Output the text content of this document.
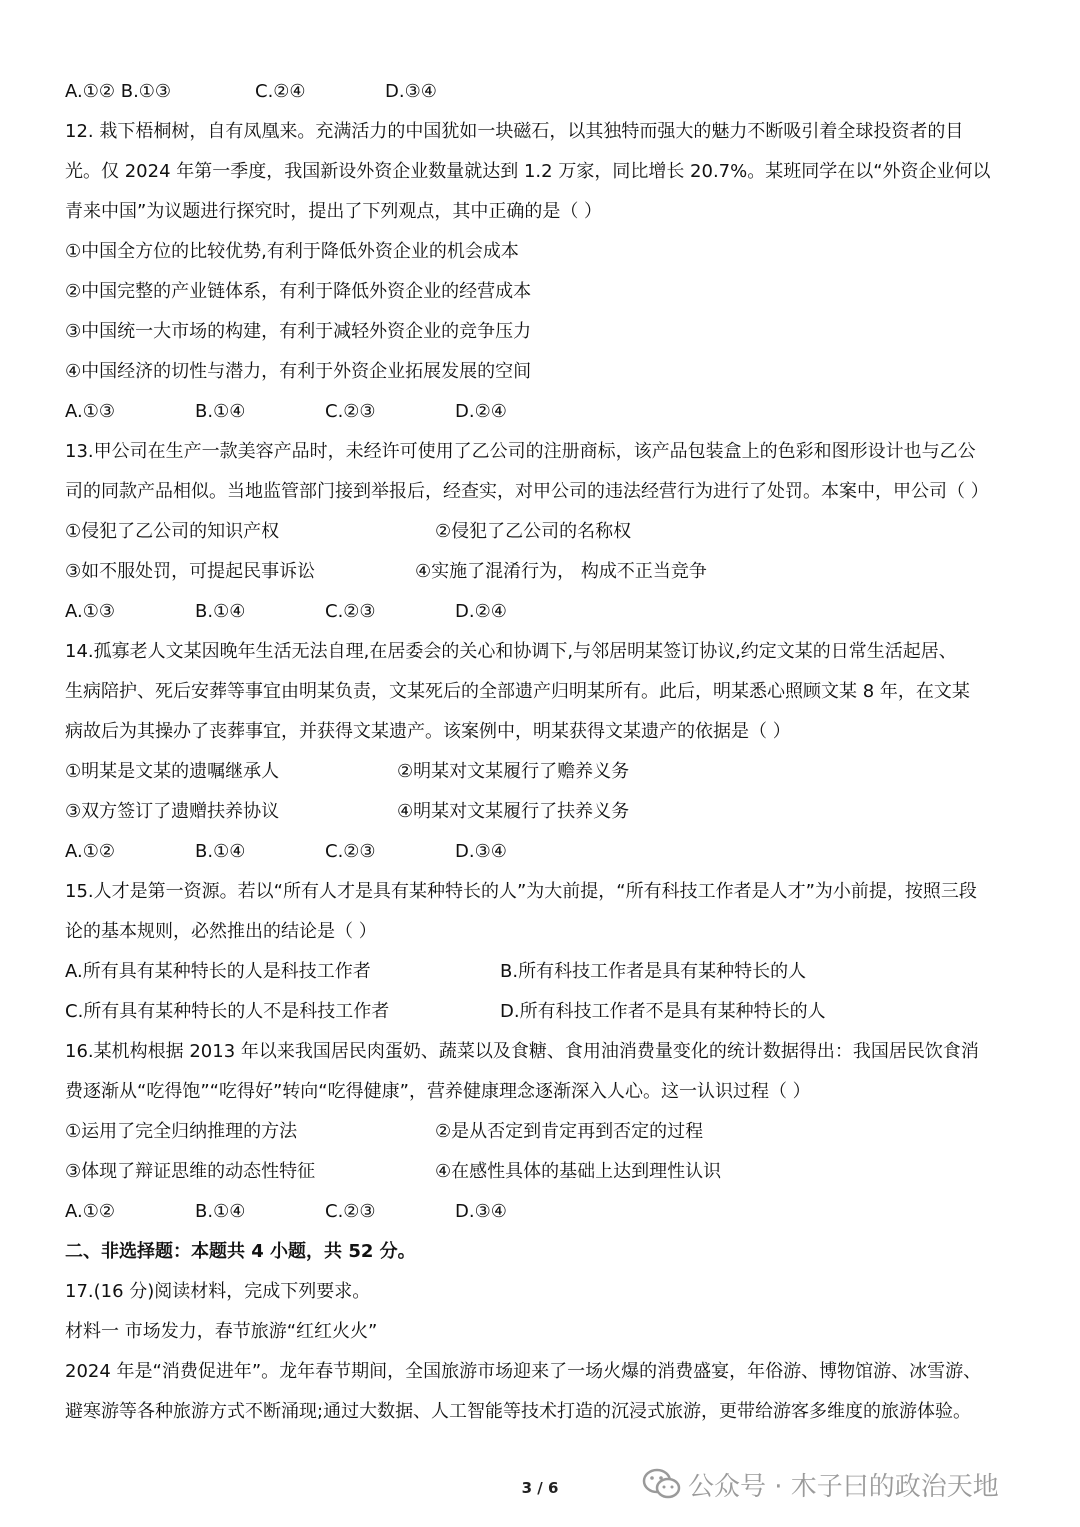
A.①② B.①③	C.②④	D.③④
12. 栽下梧桐树，自有凤凰来。充满活力的中国犹如一块磁石，以其独特而强大的魅力不断吸引着全球投资者的目
光。仅 2024 年第一季度，我国新设外资企业数量就达到 1.2 万家，同比增长 20.7%。某班同学在以“外资企业何以
青来中国”为议题进行探究时，提出了下列观点，其中正确的是（ ）
①中国全方位的比较优势,有利于降低外资企业的机会成本
②中国完整的产业链体系，有利于降低外资企业的经营成本
③中国统一大市场的构建，有利于减轻外资企业的竞争压力
④中国经济的切性与潜力，有利于外资企业拓展发展的空间
A.①③	B.①④	C.②③	D.②④
13.甲公司在生产一款美容产品时，未经许可使用了乙公司的注册商标，该产品包装盒上的色彩和图形设计也与乙公
司的同款产品相似。当地监管部门接到举报后，经查实，对甲公司的违法经营行为进行了处罚。本案中，甲公司（ ）
①侵犯了乙公司的知识产权	②侵犯了乙公司的名称权
③如不服处罚，可提起民事诉讼	④实施了混淆行为， 构成不正当竞争
A.①③	B.①④	C.②③	D.②④
14.孤寡老人文某因晚年生活无法自理,在居委会的关心和协调下,与邻居明某签订协议,约定文某的日常生活起居、
生病陪护、死后安葬等事宜由明某负责，文某死后的全部遗产归明某所有。此后，明某悉心照顾文某 8 年，在文某
病故后为其操办了丧葬事宜，并获得文某遗产。该案例中，明某获得文某遗产的依据是（ ）
①明某是文某的遗嘱继承人	②明某对文某履行了赡养义务
③双方签订了遗赠扶养协议	④明某对文某履行了扶养义务
A.①②	B.①④	C.②③	D.③④
15.人才是第一资源。若以“所有人才是具有某种特长的人”为大前提，“所有科技工作者是人才”为小前提，按照三段
论的基本规则，必然推出的结论是（ ）
A.所有具有某种特长的人是科技工作者	B.所有科技工作者是具有某种特长的人
C.所有具有某种特长的人不是科技工作者	D.所有科技工作者不是具有某种特长的人
16.某机构根据 2013 年以来我国居民肉蛋奶、蔬菜以及食糖、食用油消费量变化的统计数据得出：我国居民饮食消
费逐渐从“吃得饱”“吃得好”转向“吃得健康”，营养健康理念逐渐深入人心。这一认识过程（ ）
①运用了完全归纳推理的方法	②是从否定到肯定再到否定的过程
③体现了辩证思维的动态性特征	④在感性具体的基础上达到理性认识
A.①②	B.①④	C.②③	D.③④
二、非选择题：本题共 4 小题，共 52 分。
17.(16 分)阅读材料，完成下列要求。
材料一 市场发力，春节旅游“红红火火”
2024 年是“消费促进年”。龙年春节期间，全国旅游市场迎来了一场火爆的消费盛宴，年俗游、博物馆游、冰雪游、
避寒游等各种旅游方式不断涌现;通过大数据、人工智能等技术打造的沉浸式旅游，更带给游客多维度的旅游体验。
3 / 6	公众号 · 木子曰的政治天地
